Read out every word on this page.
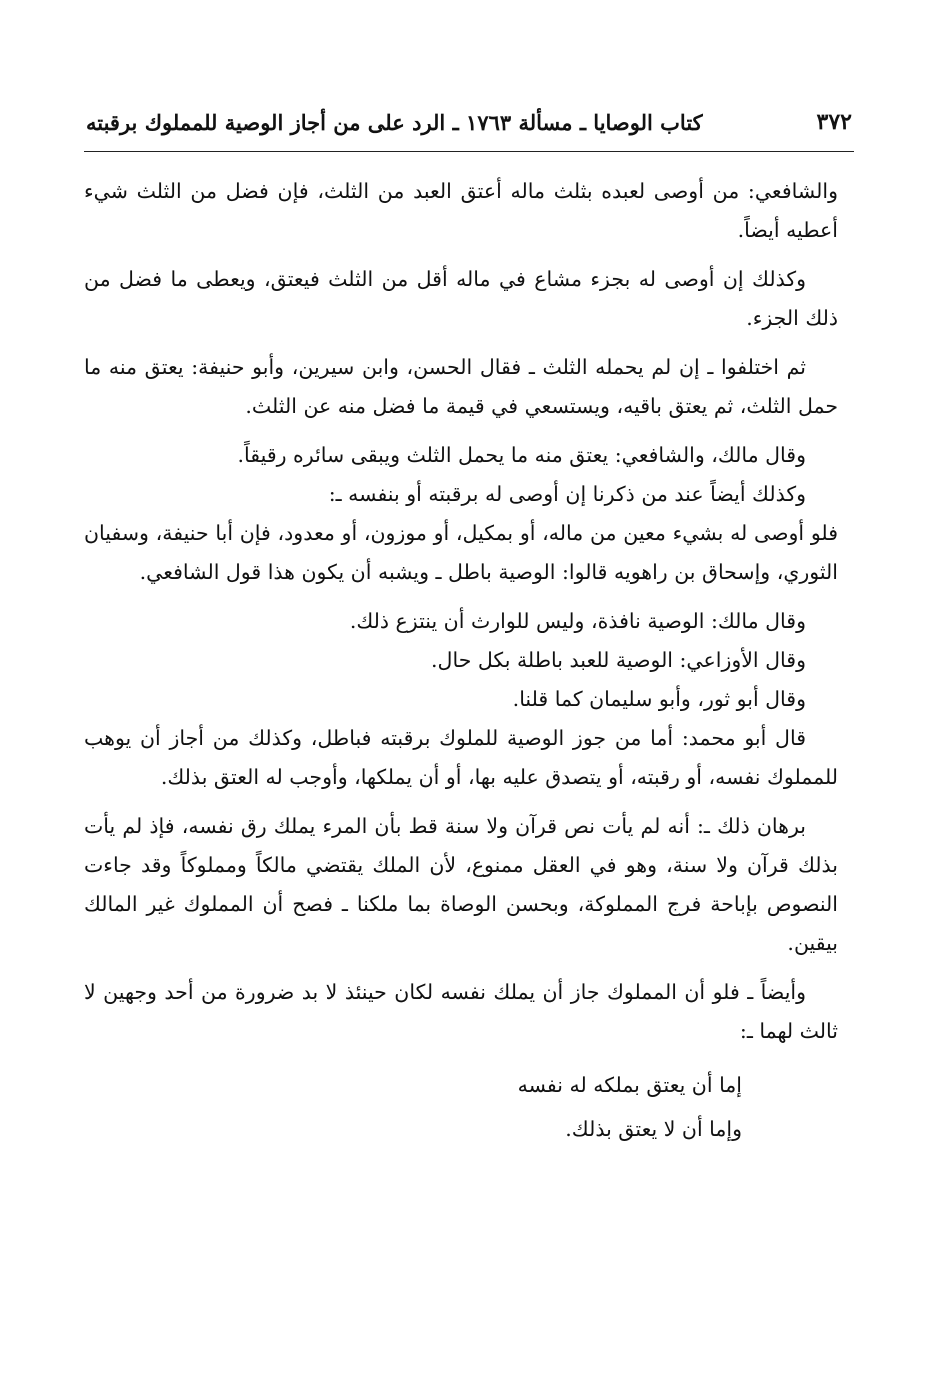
٣٧٢
كتاب الوصايا ـ مسألة ١٧٦٣ ـ الرد على من أجاز الوصية للمملوك برقبته

والشافعي: من أوصى لعبده بثلث ماله أعتق العبد من الثلث، فإن فضل من الثلث شيء أعطيه أيضاً.

وكذلك إن أوصى له بجزء مشاع في ماله أقل من الثلث فيعتق، ويعطى ما فضل من ذلك الجزء.

ثم اختلفوا ـ إن لم يحمله الثلث ـ فقال الحسن، وابن سيرين، وأبو حنيفة: يعتق منه ما حمل الثلث، ثم يعتق باقيه، ويستسعي في قيمة ما فضل منه عن الثلث.

وقال مالك، والشافعي: يعتق منه ما يحمل الثلث ويبقى سائره رقيقاً.

وكذلك أيضاً عند من ذكرنا إن أوصى له برقبته أو بنفسه ـ:

فلو أوصى له بشيء معين من ماله، أو بمكيل، أو موزون، أو معدود، فإن أبا حنيفة، وسفيان الثوري، وإسحاق بن راهويه قالوا: الوصية باطل ـ ويشبه أن يكون هذا قول الشافعي.

وقال مالك: الوصية نافذة، وليس للوارث أن ينتزع ذلك.

وقال الأوزاعي: الوصية للعبد باطلة بكل حال.

وقال أبو ثور، وأبو سليمان كما قلنا.

قال أبو محمد: أما من جوز الوصية للملوك برقبته فباطل، وكذلك من أجاز أن يوهب للمملوك نفسه، أو رقبته، أو يتصدق عليه بها، أو أن يملكها، وأوجب له العتق بذلك.

برهان ذلك ـ: أنه لم يأت نص قرآن ولا سنة قط بأن المرء يملك رق نفسه، فإذ لم يأت بذلك قرآن ولا سنة، وهو في العقل ممنوع، لأن الملك يقتضي مالكاً ومملوكاً وقد جاءت النصوص بإباحة فرج المملوكة، وبحسن الوصاة بما ملكنا ـ فصح أن المملوك غير المالك بيقين.

وأيضاً ـ فلو أن المملوك جاز أن يملك نفسه لكان حينئذ لا بد ضرورة من أحد وجهين لا ثالث لهما ـ:

إما أن يعتق بملكه له نفسه
وإما أن لا يعتق بذلك.
